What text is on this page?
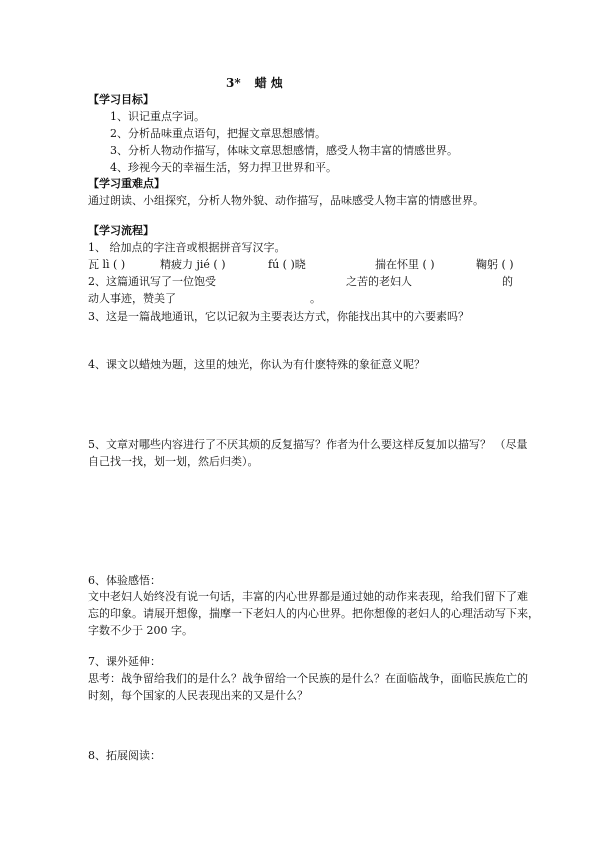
3* 蜡 烛
【学习目标】
1、识记重点字词。
2、分析品味重点语句，把握文章思想感情。
3、分析人物动作描写，体味文章思想感情，感受人物丰富的情感世界。
4、珍视今天的幸福生活，努力捍卫世界和平。
【学习重难点】
通过朗读、小组探究，分析人物外貌、动作描写，品味感受人物丰富的情感世界。
【学习流程】
1、 给加点的字注音或根据拼音写汉字。
瓦 lì ( )	精疲力 jié ( )	fú ( )晓	揣在怀里 ( )	鞠躬 ( )
2、这篇通讯写了一位饱受	之苦的老妇人	的
动人事迹，赞美了	。
3、这是一篇战地通讯，它以记叙为主要表达方式，你能找出其中的六要素吗？
4、课文以蜡烛为题，这里的烛光，你认为有什麽特殊的象征意义呢？
5、文章对哪些内容进行了不厌其烦的反复描写？作者为什么要这样反复加以描写？ （尽量
自己找一找，划一划，然后归类）。
6、体验感悟：
文中老妇人始终没有说一句话，丰富的内心世界都是通过她的动作来表现，给我们留下了难
忘的印象。请展开想像，揣摩一下老妇人的内心世界。把你想像的老妇人的心理活动写下来，
字数不少于 200 字。
7、课外延伸：
思考：战争留给我们的是什么？战争留给一个民族的是什么？在面临战争，面临民族危亡的
时刻，每个国家的人民表现出来的又是什么？
8、拓展阅读：
